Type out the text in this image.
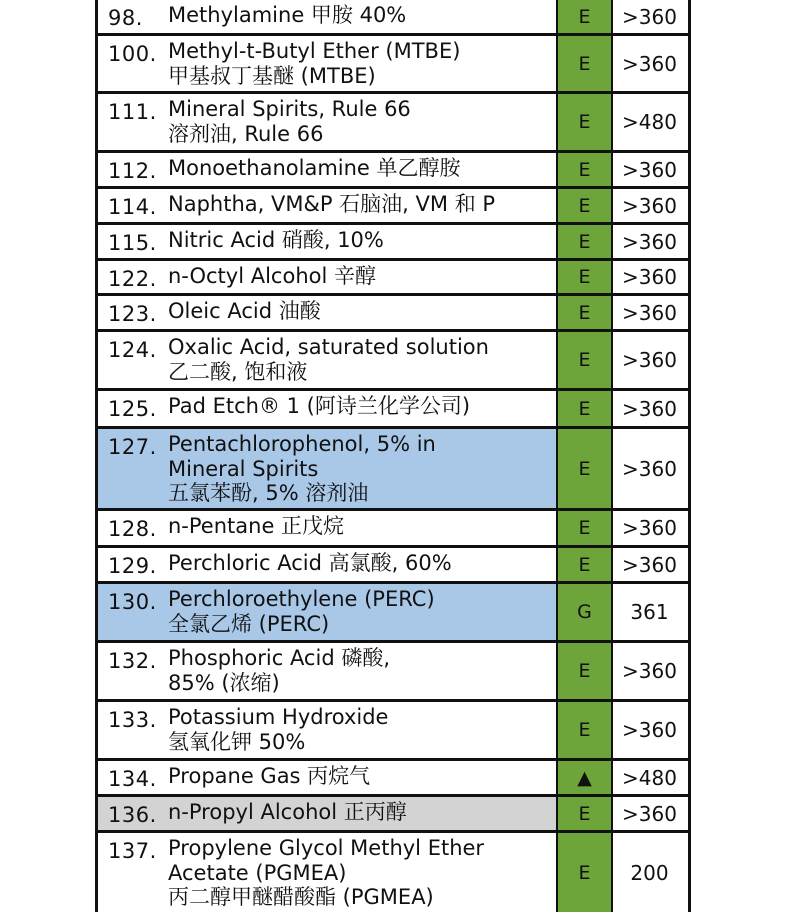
98.	Methylamine 甲胺 40%	E	>360
100. Methyl-t-Butyl Ether (MTBE)
甲基叔丁基醚 (MTBE)	E	>360
111. Mineral Spirits, Rule 66
溶剂油, Rule 66	E	>480
112. Monoethanolamine 单乙醇胺	E	>360
114. Naphtha, VM&P 石脑油, VM 和 P	E	>360
115. Nitric Acid 硝酸, 10%	E	>360
122. n-Octyl Alcohol 辛醇	E	>360
123. Oleic Acid 油酸	E	>360
124. Oxalic Acid, saturated solution
乙二酸, 饱和液	E	>360
125. Pad Etch® 1 (阿诗兰化学公司)	E	>360
127. Pentachlorophenol, 5% in
Mineral Spirits
五氯苯酚, 5% 溶剂油
E	>360
128. n-Pentane 正戊烷	E	>360
129. Perchloric Acid 高氯酸, 60%	E	>360
130. Perchloroethylene (PERC)
全氯乙烯 (PERC)	G	361
132. Phosphoric Acid 磷酸,
85% (浓缩)	E	>360
133. Potassium Hydroxide
氢氧化钾 50%	E	>360
134. Propane Gas 丙烷气	▲	>480
136. n-Propyl Alcohol 正丙醇	E	>360
137. Propylene Glycol Methyl Ether
Acetate (PGMEA)
丙二醇甲醚醋酸酯 (PGMEA)
E	200
